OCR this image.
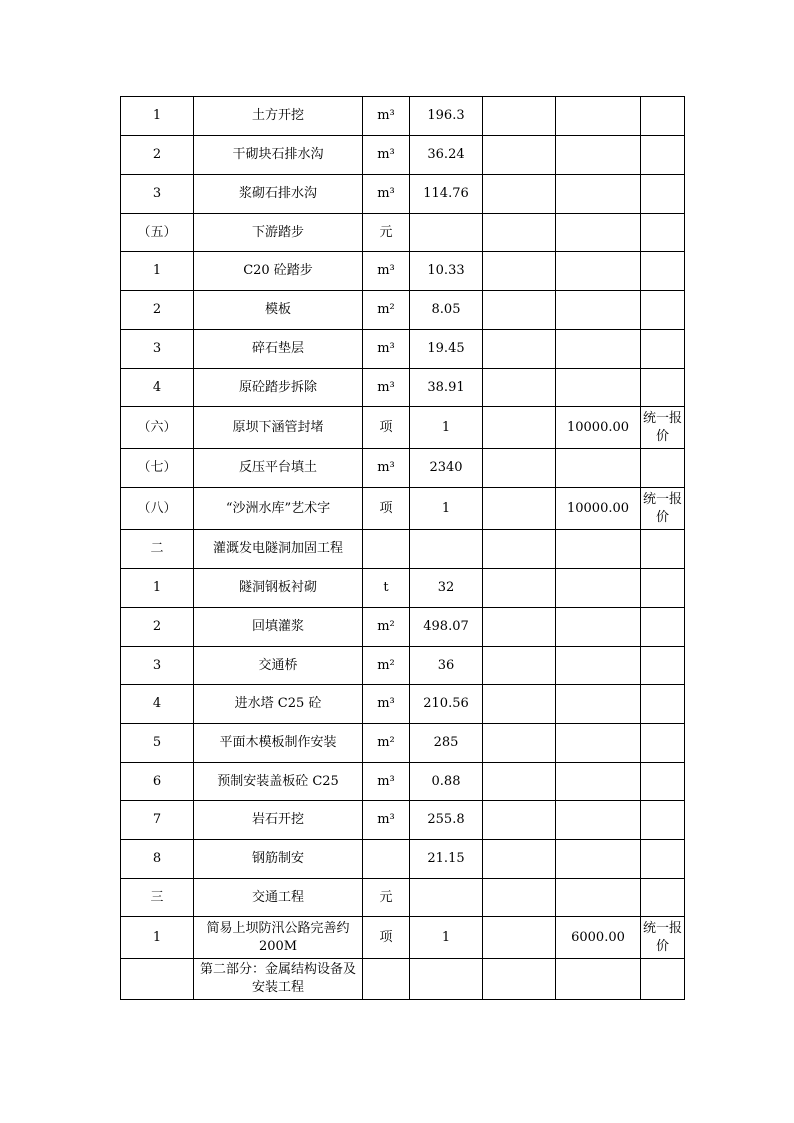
1	土方开挖	m³	196.3			
2	干砌块石排水沟	m³	36.24			
3	浆砌石排水沟	m³	114.76			
（五）	下游踏步	元				
1	C20 砼踏步	m³	10.33			
2	模板	m²	8.05			
3	碎石垫层	m³	19.45			
4	原砼踏步拆除	m³	38.91			
（六）	原坝下涵管封堵	项	1		10000.00	统一报价
（七）	反压平台填土	m³	2340			
（八）	“沙洲水库”艺术字	项	1		10000.00	统一报价
二	灌溉发电隧洞加固工程					
1	隧洞钢板衬砌	t	32			
2	回填灌浆	m²	498.07			
3	交通桥	m²	36			
4	进水塔 C25 砼	m³	210.56			
5	平面木模板制作安装	m²	285			
6	预制安装盖板砼 C25	m³	0.88			
7	岩石开挖	m³	255.8			
8	钢筋制安		21.15			
三	交通工程	元				
1	简易上坝防汛公路完善约200M	项	1		6000.00	统一报价
	第二部分：金属结构设备及安装工程					
